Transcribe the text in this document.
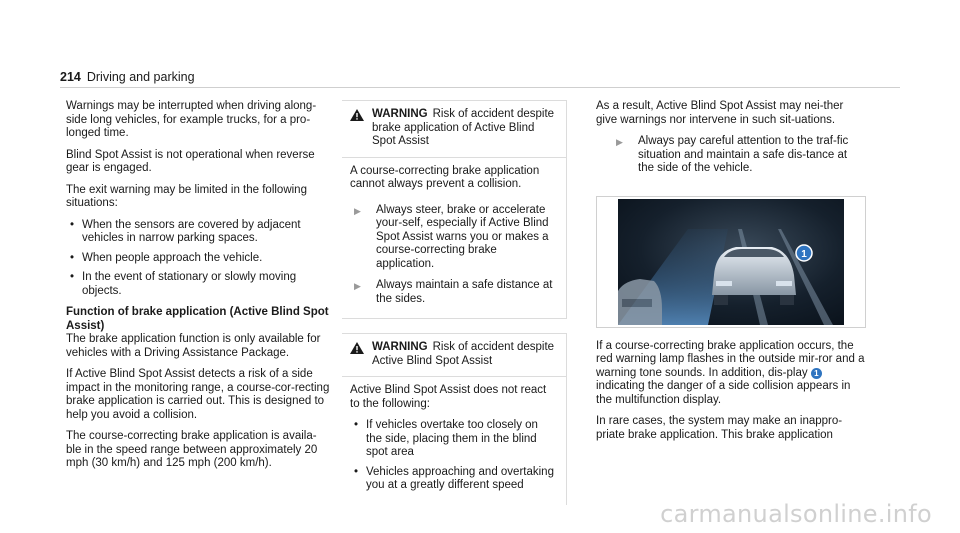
214 Driving and parking

Warnings may be interrupted when driving along-side long vehicles, for example trucks, for a pro-longed time.

Blind Spot Assist is not operational when reverse gear is engaged.

The exit warning may be limited in the following situations:

• When the sensors are covered by adjacent vehicles in narrow parking spaces.
• When people approach the vehicle.
• In the event of stationary or slowly moving objects.

Function of brake application (Active Blind Spot Assist)
The brake application function is only available for vehicles with a Driving Assistance Package.

If Active Blind Spot Assist detects a risk of a side impact in the monitoring range, a course-cor-recting brake application is carried out. This is designed to help you avoid a collision.

The course-correcting brake application is availa-ble in the speed range between approximately 20 mph (30 km/h) and 125 mph (200 km/h).

WARNING Risk of accident despite brake application of Active Blind Spot Assist

A course-correcting brake application cannot always prevent a collision.

▶	Always steer, brake or accelerate your-self, especially if Active Blind Spot Assist warns you or makes a course-correcting brake application.
▶	Always maintain a safe distance at the sides.
WARNING Risk of accident despite Active Blind Spot Assist

Active Blind Spot Assist does not react to the following:

• If vehicles overtake too closely on the side, placing them in the blind spot area
• Vehicles approaching and overtaking you at a greatly different speed

As a result, Active Blind Spot Assist may nei-ther give warnings nor intervene in such sit-uations.

▶	Always pay careful attention to the traf-fic situation and maintain a safe dis-tance at the side of the vehicle.
1

If a course-correcting brake application occurs, the red warning lamp flashes in the outside mir-ror and a warning tone sounds. In addition, dis-play 1 indicating the danger of a side collision appears in the multifunction display.

In rare cases, the system may make an inappro-priate brake application. This brake application

carmanualsonline.info
